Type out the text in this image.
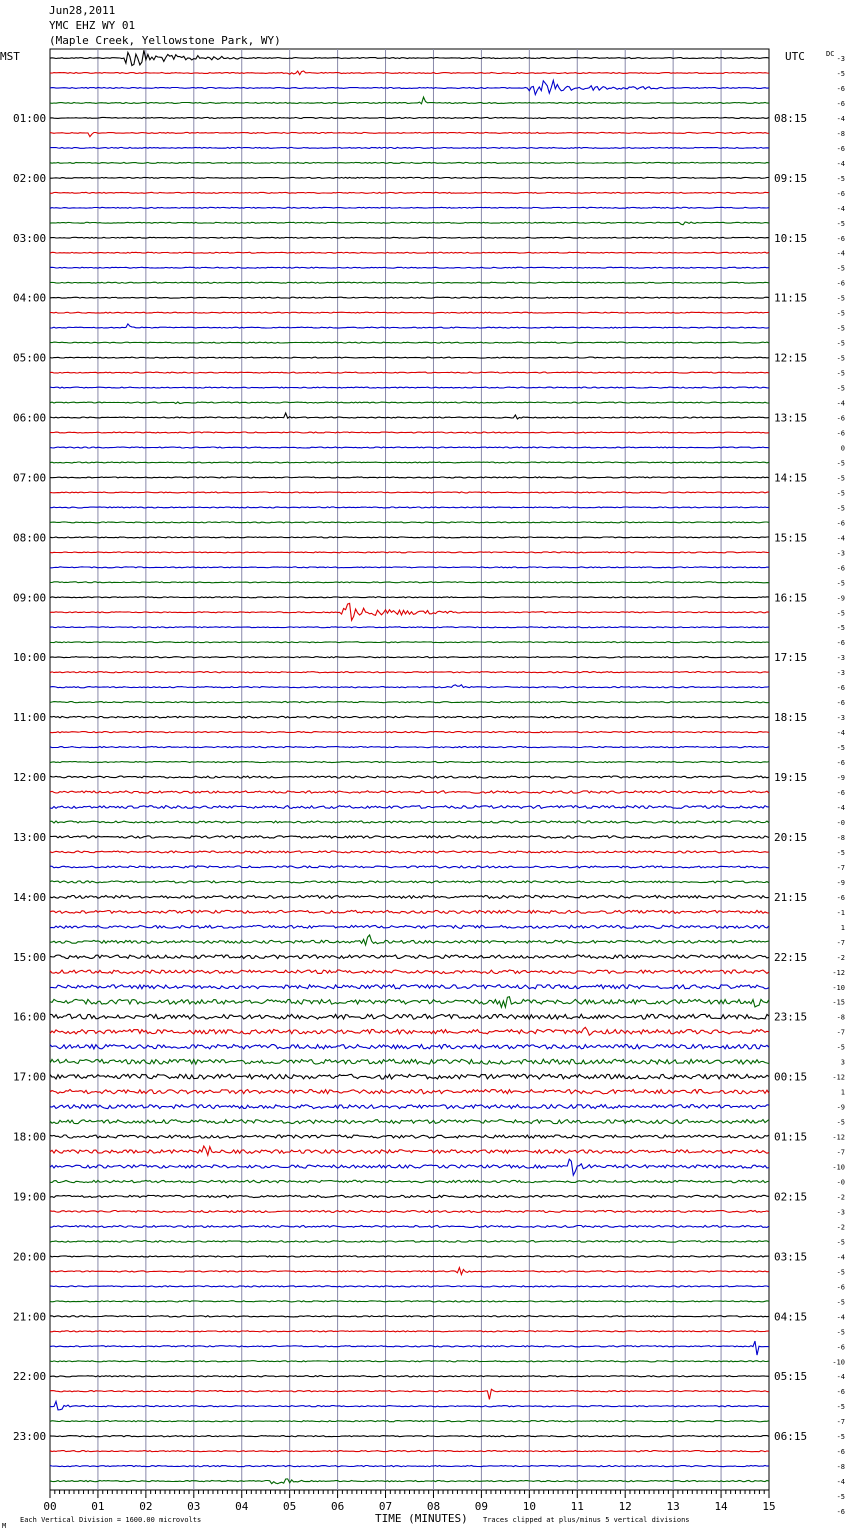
Jun28,2011
YMC EHZ WY 01
(Maple Creek, Yellowstone Park, WY)
MST	UTC
01:00	08:15
02:00	09:15
03:00	10:15
04:00	11:15
05:00	12:15
06:00	13:15
07:00	14:15
08:00	15:15
09:00	16:15
10:00	17:15
11:00	18:15
12:00	19:15
13:00	20:15
14:00	21:15
15:00	22:15
16:00	23:15
17:00	00:15
18:00	01:15
19:00	02:15
20:00	03:15
21:00	04:15
22:00	05:15
23:00	06:15
DC
-3
-5
-6
-6
-4
-8
-6
-4
-5
-6
-4
-5
-6
-4
-5
-6
-5
-5
-5
-5
-5
-5
-5
-4
-6
-6
0
-5
-5
-5
-5
-6
-4
-3
-6
-5
-9
-5
-5
-6
-3
-3
-6
-6
-3
-4
-5
-6
-9
-6
-4
-0
-8
-5
-7
-9
-6
-1
1
-7
-2
-12
-10
-15
-8
-7
-5
3
-12
1
-9
-5
-12
-7
-10
-0
-2
-3
-2
-5
-4
-5
-6
-5
-4
-5
-6
-10
-4
-6
-5
-7
-5
-6
-8
-4
-5
-6
00	01	02	03	04	05	06	07	08	09	10	11	12	13	14	15
M
Each Vertical Division = 1600.00 microvolts	TIME (MINUTES) Traces clipped at plus/minus 5 vertical divisions
